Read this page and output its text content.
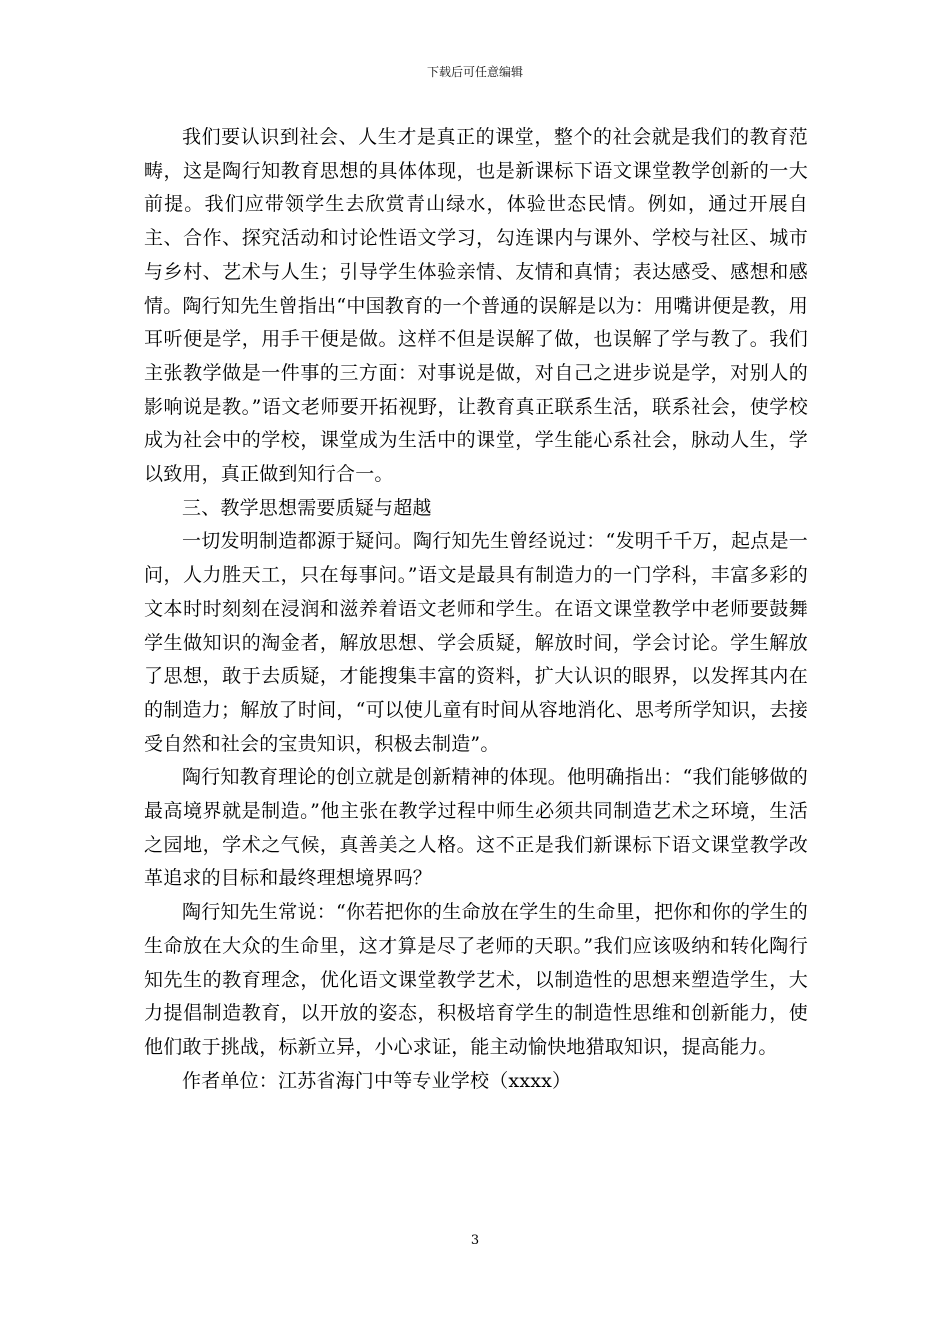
下载后可任意编辑

我们要认识到社会、人生才是真正的课堂，整个的社会就是我们的教育范畴，这是陶行知教育思想的具体体现，也是新课标下语文课堂教学创新的一大前提。我们应带领学生去欣赏青山绿水，体验世态民情。例如，通过开展自主、合作、探究活动和讨论性语文学习，勾连课内与课外、学校与社区、城市与乡村、艺术与人生；引导学生体验亲情、友情和真情；表达感受、感想和感情。陶行知先生曾指出“中国教育的一个普通的误解是以为：用嘴讲便是教，用耳听便是学，用手干便是做。这样不但是误解了做，也误解了学与教了。我们主张教学做是一件事的三方面：对事说是做，对自己之进步说是学，对别人的影响说是教。”语文老师要开拓视野，让教育真正联系生活，联系社会，使学校成为社会中的学校，课堂成为生活中的课堂，学生能心系社会，脉动人生，学以致用，真正做到知行合一。

三、教学思想需要质疑与超越

一切发明制造都源于疑问。陶行知先生曾经说过：“发明千千万，起点是一问，人力胜天工，只在每事问。”语文是最具有制造力的一门学科，丰富多彩的文本时时刻刻在浸润和滋养着语文老师和学生。在语文课堂教学中老师要鼓舞学生做知识的淘金者，解放思想、学会质疑，解放时间，学会讨论。学生解放了思想，敢于去质疑，才能搜集丰富的资料，扩大认识的眼界，以发挥其内在的制造力；解放了时间，“可以使儿童有时间从容地消化、思考所学知识，去接受自然和社会的宝贵知识，积极去制造”。

陶行知教育理论的创立就是创新精神的体现。他明确指出：“我们能够做的最高境界就是制造。”他主张在教学过程中师生必须共同制造艺术之环境，生活之园地，学术之气候，真善美之人格。这不正是我们新课标下语文课堂教学改革追求的目标和最终理想境界吗？

陶行知先生常说：“你若把你的生命放在学生的生命里，把你和你的学生的生命放在大众的生命里，这才算是尽了老师的天职。”我们应该吸纳和转化陶行知先生的教育理念，优化语文课堂教学艺术，以制造性的思想来塑造学生，大力提倡制造教育，以开放的姿态，积极培育学生的制造性思维和创新能力，使他们敢于挑战，标新立异，小心求证，能主动愉快地猎取知识，提高能力。

作者单位：江苏省海门中等专业学校（xxxx）

3
